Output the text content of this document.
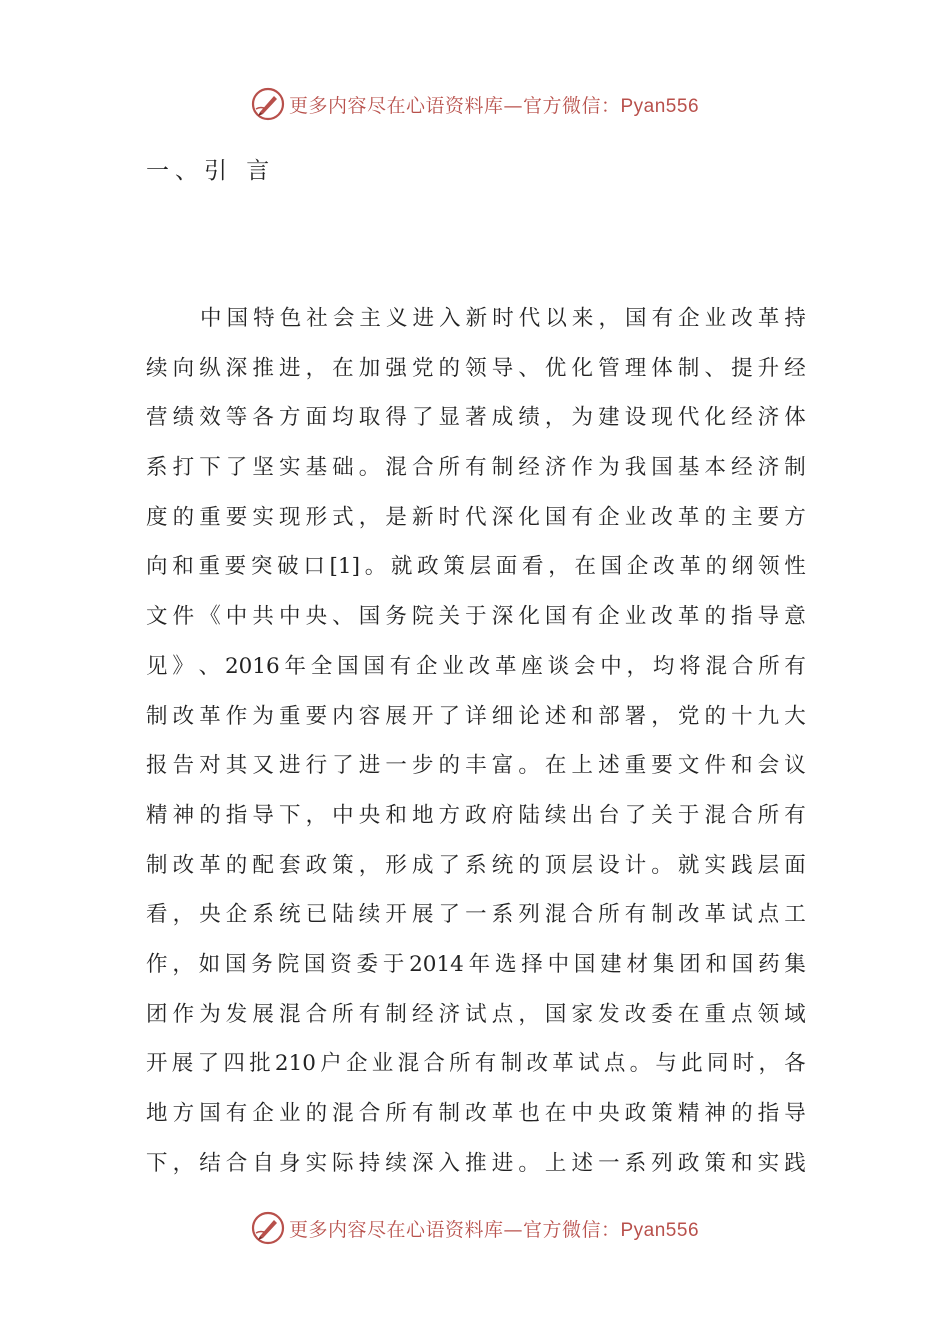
更多内容尽在心语资料库—官方微信：Pyan556
一、引 言
中 国 特 色 社 会 主 义 进 入 新 时 代 以 来 ， 国 有 企 业 改 革 持
续 向 纵 深 推 进 ， 在 加 强 党 的 领 导 、 优 化 管 理 体 制 、 提 升 经
营 绩 效 等 各 方 面 均 取 得 了 显 著 成 绩 ， 为 建 设 现 代 化 经 济 体
系 打 下 了 坚 实 基 础 。 混 合 所 有 制 经 济 作 为 我 国 基 本 经 济 制
度 的 重 要 实 现 形 式 ， 是 新 时 代 深 化 国 有 企 业 改 革 的 主 要 方
向 和 重 要 突 破 口 [1] 。 就 政 策 层 面 看 ， 在 国 企 改 革 的 纲 领 性
文 件 《 中 共 中 央 、 国 务 院 关 于 深 化 国 有 企 业 改 革 的 指 导 意
见 》 、 2016 年 全 国 国 有 企 业 改 革 座 谈 会 中 ， 均 将 混 合 所 有
制 改 革 作 为 重 要 内 容 展 开 了 详 细 论 述 和 部 署 ， 党 的 十 九 大
报 告 对 其 又 进 行 了 进 一 步 的 丰 富 。 在 上 述 重 要 文 件 和 会 议
精 神 的 指 导 下 ， 中 央 和 地 方 政 府 陆 续 出 台 了 关 于 混 合 所 有
制 改 革 的 配 套 政 策 ， 形 成 了 系 统 的 顶 层 设 计 。 就 实 践 层 面
看 ， 央 企 系 统 已 陆 续 开 展 了 一 系 列 混 合 所 有 制 改 革 试 点 工
作 ， 如 国 务 院 国 资 委 于 2014 年 选 择 中 国 建 材 集 团 和 国 药 集
团 作 为 发 展 混 合 所 有 制 经 济 试 点 ， 国 家 发 改 委 在 重 点 领 域
开 展 了 四 批 210 户 企 业 混 合 所 有 制 改 革 试 点 。 与 此 同 时 ， 各
地 方 国 有 企 业 的 混 合 所 有 制 改 革 也 在 中 央 政 策 精 神 的 指 导
下 ， 结 合 自 身 实 际 持 续 深 入 推 进 。 上 述 一 系 列 政 策 和 实 践
更多内容尽在心语资料库—官方微信：Pyan556
